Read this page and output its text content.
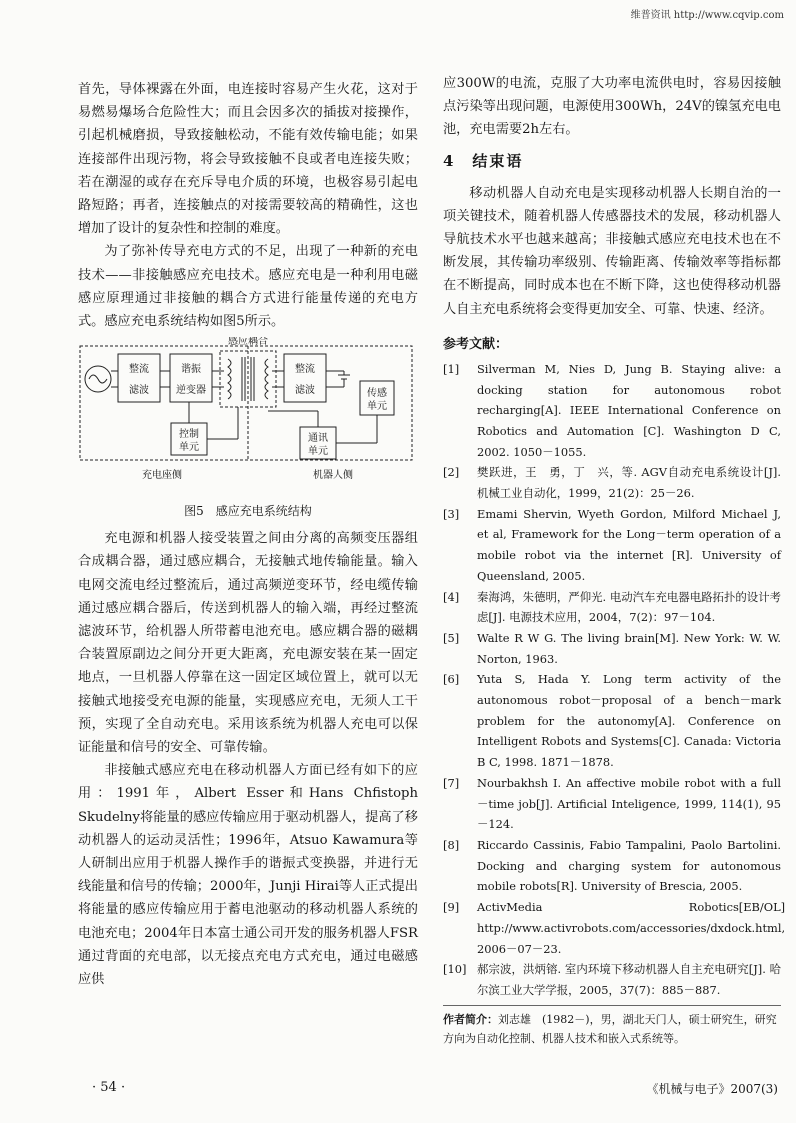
维普资讯 http://www.cqvip.com

首先，导体裸露在外面，电连接时容易产生火花，这对于易燃易爆场合危险性大；而且会因多次的插拔对接操作，引起机械磨损，导致接触松动，不能有效传输电能；如果连接部件出现污物，将会导致接触不良或者电连接失败；若在潮湿的或存在充斥导电介质的环境，也极容易引起电路短路；再者，连接触点的对接需要较高的精确性，这也增加了设计的复杂性和控制的难度。

为了弥补传导充电方式的不足，出现了一种新的充电技术——非接触感应充电技术。感应充电是一种利用电磁感应原理通过非接触的耦合方式进行能量传递的充电方式。感应充电系统结构如图5所示。

感应耦合
整流
滤波
谐振
逆变器
整流
滤波	传感
单元
控制
单元
通讯
单元
充电座侧	机器人侧
图5　感应充电系统结构

充电源和机器人接受装置之间由分离的高频变压器组合成耦合器，通过感应耦合，无接触式地传输能量。输入电网交流电经过整流后，通过高频逆变环节，经电缆传输通过感应耦合器后，传送到机器人的输入端，再经过整流滤波环节，给机器人所带蓄电池充电。感应耦合器的磁耦合装置原副边之间分开更大距离，充电源安装在某一固定地点，一旦机器人停靠在这一固定区域位置上，就可以无接触式地接受充电源的能量，实现感应充电，无须人工干预，实现了全自动充电。采用该系统为机器人充电可以保证能量和信号的安全、可靠传输。

非接触式感应充电在移动机器人方面已经有如下的应用：1991年，Albert Esser和Hans Chfistoph Skudelny将能量的感应传输应用于驱动机器人，提高了移动机器人的运动灵活性；1996年，Atsuo Kawamura等人研制出应用于机器人操作手的谐振式变换器，并进行无线能量和信号的传输；2000年，Junji Hirai等人正式提出将能量的感应传输应用于蓄电池驱动的移动机器人系统的电池充电；2004年日本富士通公司开发的服务机器人FSR通过背面的充电部，以无接点充电方式充电，通过电磁感应供

应300W的电流，克服了大功率电流供电时，容易因接触点污染等出现问题，电源使用300Wh，24V的镍氢充电电池，充电需要2h左右。

4　结束语

移动机器人自动充电是实现移动机器人长期自治的一项关键技术，随着机器人传感器技术的发展，移动机器人导航技术水平也越来越高；非接触式感应充电技术也在不断发展，其传输功率级别、传输距离、传输效率等指标都在不断提高，同时成本也在不断下降，这也使得移动机器人自主充电系统将会变得更加安全、可靠、快速、经济。

参考文献：
[1]	Silverman M, Nies D, Jung B. Staying alive: a docking station for autonomous robot recharging[A]. IEEE International Conference on Robotics and Automation [C]. Washington D C, 2002. 1050－1055.
[2]	樊跃进，王　勇，丁　兴，等. AGV自动充电系统设计[J]. 机械工业自动化，1999，21(2)：25－26.
[3]	Emami Shervin, Wyeth Gordon, Milford Michael J, et al, Framework for the Long－term operation of a mobile robot via the internet [R]. University of Queensland, 2005.
[4]	秦海鸿，朱德明，严仰光. 电动汽车充电器电路拓扑的设计考虑[J]. 电源技术应用，2004，7(2)：97－104.
[5]	Walte R W G. The living brain[M]. New York: W. W. Norton, 1963.
[6]	Yuta S, Hada Y. Long term activity of the autonomous robot－proposal of a bench－mark problem for the autonomy[A]. Conference on Intelligent Robots and Systems[C]. Canada: Victoria B C, 1998. 1871－1878.
[7]	Nourbakhsh I. An affective mobile robot with a full－time job[J]. Artificial Inteligence, 1999, 114(1), 95－124.
[8]	Riccardo Cassinis, Fabio Tampalini, Paolo Bartolini. Docking and charging system for autonomous mobile robots[R]. University of Brescia, 2005.
[9]	ActivMedia Robotics[EB/OL] http://www.activrobots.com/accessories/dxdock.html, 2006－07－23.
[10] 郝宗波，洪炳镕. 室内环境下移动机器人自主充电研究[J]. 哈尔滨工业大学学报，2005，37(7)：885－887.
作者简介：刘志雄　(1982－)，男，湖北天门人，硕士研究生，研究方向为自动化控制、机器人技术和嵌入式系统等。
· 54 ·	《机械与电子》2007(3)
